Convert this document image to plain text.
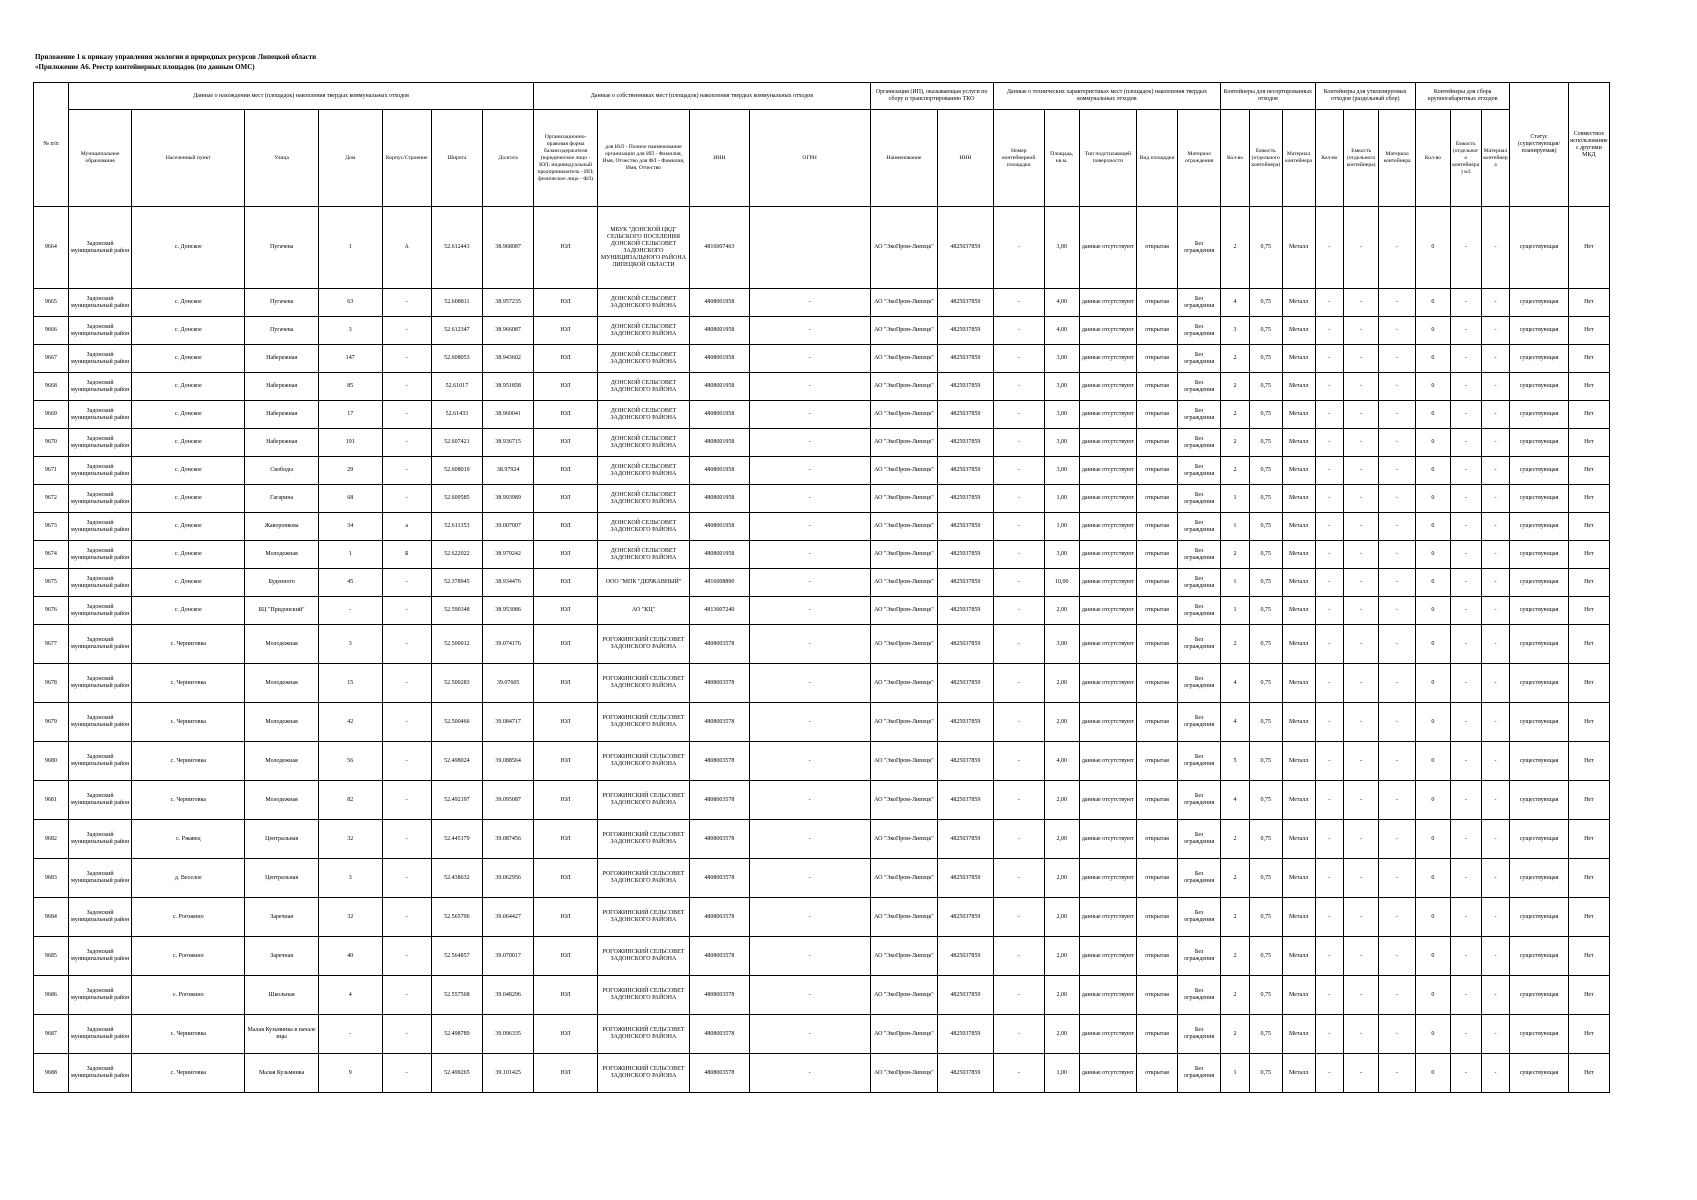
Приложение 1 к приказу управления экологии и природных ресурсов Липецкой области
«Приложение А6. Реестр контейнерных площадок (по данным ОМС)
№ п/п	Данные о нахождении мест (площадок) накопления твердых коммунальных отходов							Данные о собственниках мест (площадок) накопления твердых коммунальных отходов				Организация (ИП), оказывающая услуги по сбору и транспортированию ТКО		Данные о технических характеристиках мест (площадок) накопления твердых коммунальных отходов					Контейнеры для несортированных отходов			Контейнеры для утилизируемых отходов (раздельный сбор)			Контейнеры для сбора крупногабаритных отходов			Статус (существующая/ планируемая)	Совместное использование с другими МКД
	Муниципальное образование	Населенный пункт	Улица	Дом	Корпус/Строение	Широта	Долгота	Организационно-правовая форма балансодержателя (юридическое лицо - ЮЛ; индивидуальный предприниматель - ИП; физическое лицо - ФЛ)	для ЮЛ - Полное наименование организации для ИП - Фамилия, Имя, Отчество для ФЛ - Фамилия, Имя, Отчество	ИНН	ОГРН	Наименование	ИНН	Номер контейнерной площадки	Площадь, кв.м.	Тип подстилающей поверхности	Вид площадки	Материал ограждения	Кол-во	Емкость (отдельного контейнера)	Материал контейнера	Кол-во	Емкость (отдельного контейнера)	Материал контейнера	Кол-во	Емкость (отдельного контейнера) м3	Материал контейнера		
9664	Задонский муниципальный район	с. Донское	Пугачева	1	А	52.612443	38.968087	ЮЛ	МБУК "ДОНСКОЙ ЦКД" СЕЛЬСКОГО ПОСЕЛЕНИЯ ДОНСКОЙ СЕЛЬСОВЕТ ЗАДОНСКОГО МУНИЦИПАЛЬНОГО РАЙОНА ЛИПЕЦКОЙ ОБЛАСТИ	4816007463		АО "ЭкоПром-Липецк"	4825037859	-	3,00	данные отсутствуют	открытая	Без ограждения	2	0,75	Металл	-	-	-	0	-	-	существующая	Нет
9665	Задонский муниципальный район	с. Донское	Пугачева	63	-	52.608811	38.957235	ЮЛ	ДОНСКОЙ СЕЛЬСОВЕТ ЗАДОНСКОГО РАЙОНА	4808001958	-	АО "ЭкоПром-Липецк"	4825037859	-	4,00	данные отсутствуют	открытая	Без ограждения	4	0,75	Металл	-	-	-	0	-	-	существующая	Нет
9666	Задонский муниципальный район	с. Донское	Пугачева	3	-	52.612347	38.966087	ЮЛ	ДОНСКОЙ СЕЛЬСОВЕТ ЗАДОНСКОГО РАЙОНА	4808001958	-	АО "ЭкоПром-Липецк"	4825037859	-	4,00	данные отсутствуют	открытая	Без ограждения	3	0,75	Металл	-	-	-	0	-	-	существующая	Нет
9667	Задонский муниципальный район	с. Донское	Набережная	147	-	52.608053	38.943602	ЮЛ	ДОНСКОЙ СЕЛЬСОВЕТ ЗАДОНСКОГО РАЙОНА	4808001958	-	АО "ЭкоПром-Липецк"	4825037859	-	3,00	данные отсутствуют	открытая	Без ограждения	2	0,75	Металл	-	-	-	0	-	-	существующая	Нет
9668	Задонский муниципальный район	с. Донское	Набережная	85	-	52.61017	38.951858	ЮЛ	ДОНСКОЙ СЕЛЬСОВЕТ ЗАДОНСКОГО РАЙОНА	4808001958	-	АО "ЭкоПром-Липецк"	4825037859	-	3,00	данные отсутствуют	открытая	Без ограждения	2	0,75	Металл	-	-	-	0	-	-	существующая	Нет
9669	Задонский муниципальный район	с. Донское	Набережная	17	-	52.61433	38.960041	ЮЛ	ДОНСКОЙ СЕЛЬСОВЕТ ЗАДОНСКОГО РАЙОНА	4808001958	-	АО "ЭкоПром-Липецк"	4825037859	-	3,00	данные отсутствуют	открытая	Без ограждения	2	0,75	Металл	-	-	-	0	-	-	существующая	Нет
9670	Задонский муниципальный район	с. Донское	Набережная	191	-	52.607421	38.936715	ЮЛ	ДОНСКОЙ СЕЛЬСОВЕТ ЗАДОНСКОГО РАЙОНА	4808001958	-	АО "ЭкоПром-Липецк"	4825037859	-	3,00	данные отсутствуют	открытая	Без ограждения	2	0,75	Металл	-	-	-	0	-	-	существующая	Нет
9671	Задонский муниципальный район	с. Донское	Свободы	29	-	52.608019	38.97924	ЮЛ	ДОНСКОЙ СЕЛЬСОВЕТ ЗАДОНСКОГО РАЙОНА	4808001958	-	АО "ЭкоПром-Липецк"	4825037859	-	3,00	данные отсутствуют	открытая	Без ограждения	2	0,75	Металл	-	-	-	0	-	-	существующая	Нет
9672	Задонский муниципальный район	с. Донское	Гагарина	68	-	52.609585	38.993989	ЮЛ	ДОНСКОЙ СЕЛЬСОВЕТ ЗАДОНСКОГО РАЙОНА	4808001958	-	АО "ЭкоПром-Липецк"	4825037859	-	1,00	данные отсутствуют	открытая	Без ограждения	1	0,75	Металл	-	-	-	0	-	-	существующая	Нет
9673	Задонский муниципальный район	с. Донское	Жаворонкова	34	а	52.611353	39.007007	ЮЛ	ДОНСКОЙ СЕЛЬСОВЕТ ЗАДОНСКОГО РАЙОНА	4808001958	-	АО "ЭкоПром-Липецк"	4825037859	-	1,00	данные отсутствуют	открытая	Без ограждения	1	0,75	Металл	-	-	-	0	-	-	существующая	Нет
9674	Задонский муниципальный район	с. Донское	Молодежная	1	Б	52.622022	38.979242	ЮЛ	ДОНСКОЙ СЕЛЬСОВЕТ ЗАДОНСКОГО РАЙОНА	4808001958	-	АО "ЭкоПром-Липецк"	4825037859	-	3,00	данные отсутствуют	открытая	Без ограждения	2	0,75	Металл	-	-	-	0	-	-	существующая	Нет
9675	Задонский муниципальный район	с. Донское	Буденного	45	-	52.378945	38.934476	ЮЛ	ООО "МПК "ДЕРЖАВНЫЙ"	4816008890	-	АО "ЭкоПром-Липецк"	4825037859	-	10,00	данные отсутствуют	открытая	Без ограждения	1	0,75	Металл	-	-	-	0	-	-	существующая	Нет
9676	Задонский муниципальный район	с. Донское	БЦ "Придонский"	-	-	52.590348	38.953086	ЮЛ	АО "КЦ"	4813007240	-	АО "ЭкоПром-Липецк"	4825037859	-	2,00	данные отсутствуют	открытая	Без ограждения	1	0,75	Металл	-	-	-	0	-	-	существующая	Нет
9677	Задонский муниципальный район	с. Черниговка	Молодежная	3	-	52.500012	39.074176	ЮЛ	РОГОЖИНСКИЙ СЕЛЬСОВЕТ ЗАДОНСКОГО РАЙОНА	4808003578	-	АО "ЭкоПром-Липецк"	4825037859	-	3,00	данные отсутствуют	открытая	Без ограждения	2	0,75	Металл	-	-	-	0	-	-	существующая	Нет
9678	Задонский муниципальный район	с. Черниговка	Молодежная	15	-	52.500283	39.07605	ЮЛ	РОГОЖИНСКИЙ СЕЛЬСОВЕТ ЗАДОНСКОГО РАЙОНА	4808003578	-	АО "ЭкоПром-Липецк"	4825037859	-	2,00	данные отсутствуют	открытая	Без ограждения	4	0,75	Металл	-	-	-	0	-	-	существующая	Нет
9679	Задонский муниципальный район	с. Черниговка	Молодежная	42	-	52.500466	39.084717	ЮЛ	РОГОЖИНСКИЙ СЕЛЬСОВЕТ ЗАДОНСКОГО РАЙОНА	4808003578	-	АО "ЭкоПром-Липецк"	4825037859	-	2,00	данные отсутствуют	открытая	Без ограждения	4	0,75	Металл	-	-	-	0	-	-	существующая	Нет
9680	Задонский муниципальный район	с. Черниговка	Молодежная	56	-	52.498024	39.088564	ЮЛ	РОГОЖИНСКИЙ СЕЛЬСОВЕТ ЗАДОНСКОГО РАЙОНА	4808003578	-	АО "ЭкоПром-Липецк"	4825037859	-	4,00	данные отсутствуют	открытая	Без ограждения	5	0,75	Металл	-	-	-	0	-	-	существующая	Нет
9681	Задонский муниципальный район	с. Черниговка	Молодежная	82	-	52.492197	39.095087	ЮЛ	РОГОЖИНСКИЙ СЕЛЬСОВЕТ ЗАДОНСКОГО РАЙОНА	4808003578	-	АО "ЭкоПром-Липецк"	4825037859	-	2,00	данные отсутствуют	открытая	Без ограждения	4	0,75	Металл	-	-	-	0	-	-	существующая	Нет
9682	Задонский муниципальный район	с. Ржавец	Центральная	32	-	52.445179	39.087456	ЮЛ	РОГОЖИНСКИЙ СЕЛЬСОВЕТ ЗАДОНСКОГО РАЙОНА	4808003578	-	АО "ЭкоПром-Липецк"	4825037859	-	2,00	данные отсутствуют	открытая	Без ограждения	2	0,75	Металл	-	-	-	0	-	-	существующая	Нет
9683	Задонский муниципальный район	д. Веселое	Центральная	3	-	52.438632	39.062956	ЮЛ	РОГОЖИНСКИЙ СЕЛЬСОВЕТ ЗАДОНСКОГО РАЙОНА	4808003578	-	АО "ЭкоПром-Липецк"	4825037859	-	2,00	данные отсутствуют	открытая	Без ограждения	2	0,75	Металл	-	-	-	0	-	-	существующая	Нет
9684	Задонский муниципальный район	с. Рогожино	Заречная	32	-	52.565796	39.064427	ЮЛ	РОГОЖИНСКИЙ СЕЛЬСОВЕТ ЗАДОНСКОГО РАЙОНА	4808003578	-	АО "ЭкоПром-Липецк"	4825037859	-	2,00	данные отсутствуют	открытая	Без ограждения	2	0,75	Металл	-	-	-	0	-	-	существующая	Нет
9685	Задонский муниципальный район	с. Рогожино	Заречная	40	-	52.564857	39.070017	ЮЛ	РОГОЖИНСКИЙ СЕЛЬСОВЕТ ЗАДОНСКОГО РАЙОНА	4808003578	-	АО "ЭкоПром-Липецк"	4825037859	-	2,00	данные отсутствуют	открытая	Без ограждения	2	0,75	Металл	-	-	-	0	-	-	существующая	Нет
9686	Задонский муниципальный район	с. Рогожино	Школьная	4	-	52.557568	39.048296	ЮЛ	РОГОЖИНСКИЙ СЕЛЬСОВЕТ ЗАДОНСКОГО РАЙОНА	4808003578	-	АО "ЭкоПром-Липецк"	4825037859	-	2,00	данные отсутствуют	открытая	Без ограждения	2	0,75	Металл	-	-	-	0	-	-	существующая	Нет
9687	Задонский муниципальный район	с. Черниговка	Малая Кузьминка в начале ицы	-	-	52.498789	39.096335	ЮЛ	РОГОЖИНСКИЙ СЕЛЬСОВЕТ ЗАДОНСКОГО РАЙОНА	4808003578	-	АО "ЭкоПром-Липецк"	4825037859	-	2,00	данные отсутствуют	открытая	Без ограждения	2	0,75	Металл	-	-	-	0	-	-	существующая	Нет
9688	Задонский муниципальный район	с. Черниговка	Малая Кузьминка	9	-	52.499265	39.101425	ЮЛ	РОГОЖИНСКИЙ СЕЛЬСОВЕТ ЗАДОНСКОГО РАЙОНА	4808003578	-	АО "ЭкоПром-Липецк"	4825037859	-	1,00	данные отсутствуют	открытая	Без ограждения	1	0,75	Металл	-	-	-	0	-	-	существующая	Нет
